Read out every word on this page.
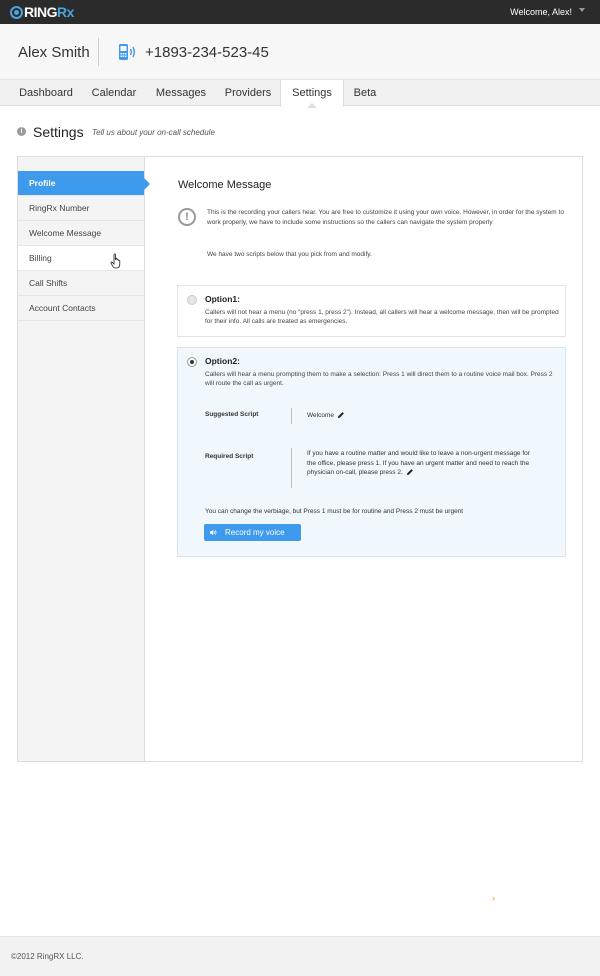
RINGRx	Welcome, Alex!
Alex Smith	+1893-234-523-45
Dashboard	Calendar	Messages	Providers	Settings	Beta
i Settings Tell us about your on-call schedule
Profile
RingRx Number
Welcome Message
Billing
Call Shifts
Account Contacts
Welcome Message
!	This is the recording your callers hear. You are free to customize it using your own voice. However, in order for the system to work properly, we have to include some instructions so the callers can navigate the system properly
We have two scripts below that you pick from and modify.
Option1:
Callers will not hear a menu (no “press 1, press 2”). Instead, all callers will hear a welcome message, then will be prompted for their info. All calls are treated as emergencies.
Option2:
Callers will hear a menu prompting them to make a selection: Press 1 will direct them to a routine voice mail box. Press 2 will route the call as urgent.
Suggested Script	Welcome
Required Script	If you have a routine matter and would like to leave a non-urgent message for the office, please press 1. If you have an urgent matter and need to reach the physician on-call, please press 2.
You can change the verbiage, but Press 1 must be for routine and Press 2 must be urgent
Record my voice
›
©2012 RingRX LLC.
